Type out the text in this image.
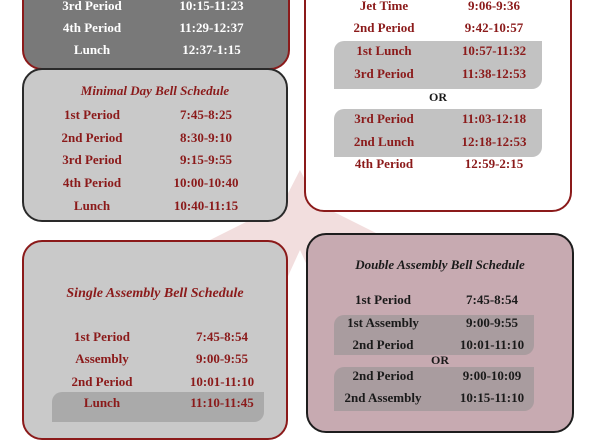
3rd Period	10:15-11:23
4th Period	11:29-12:37
Lunch	12:37-1:15
Minimal Day Bell Schedule
1st Period	7:45-8:25
2nd Period	8:30-9:10
3rd Period	9:15-9:55
4th Period	10:00-10:40
Lunch	10:40-11:15
Jet Time	9:06-9:36
2nd Period	9:42-10:57
1st Lunch	10:57-11:32
3rd Period	11:38-12:53
OR
3rd Period	11:03-12:18
2nd Lunch	12:18-12:53
4th Period	12:59-2:15
Single Assembly Bell Schedule
1st Period	7:45-8:54
Assembly	9:00-9:55
2nd Period	10:01-11:10
Lunch	11:10-11:45
Double Assembly Bell Schedule
1st Period	7:45-8:54
1st Assembly	9:00-9:55
2nd Period	10:01-11:10
OR
2nd Period	9:00-10:09
2nd Assembly	10:15-11:10
